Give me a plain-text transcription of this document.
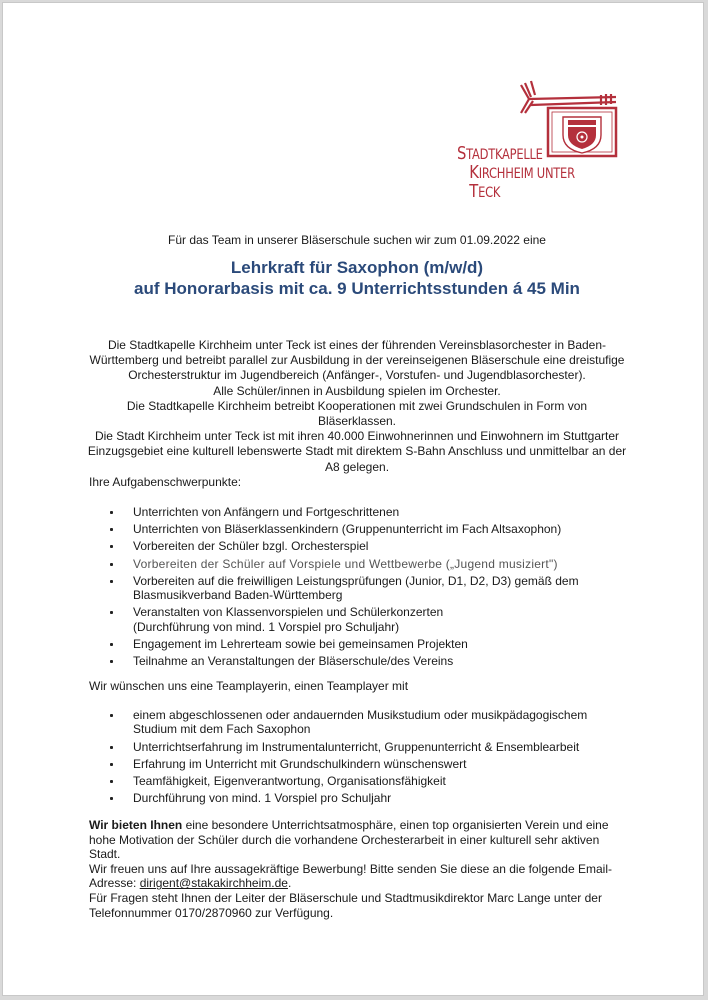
STADTKAPELLE
KIRCHHEIM UNTER TECK
Für das Team in unserer Bläserschule suchen wir zum 01.09.2022 eine
Lehrkraft für Saxophon (m/w/d)
auf Honorarbasis mit ca. 9 Unterrichtsstunden á 45 Min
Die Stadtkapelle Kirchheim unter Teck ist eines der führenden Vereinsblasorchester in Baden-Württemberg und betreibt parallel zur Ausbildung in der vereinseigenen Bläserschule eine dreistufige Orchesterstruktur im Jugendbereich (Anfänger-, Vorstufen- und Jugendblasorchester).
Alle Schüler/innen in Ausbildung spielen im Orchester.
Die Stadtkapelle Kirchheim betreibt Kooperationen mit zwei Grundschulen in Form von Bläserklassen.
Die Stadt Kirchheim unter Teck ist mit ihren 40.000 Einwohnerinnen und Einwohnern im Stuttgarter Einzugsgebiet eine kulturell lebenswerte Stadt mit direktem S-Bahn Anschluss und unmittelbar an der A8 gelegen.
Ihre Aufgabenschwerpunkte:
Unterrichten von Anfängern und Fortgeschrittenen
Unterrichten von Bläserklassenkindern (Gruppenunterricht im Fach Altsaxophon)
Vorbereiten der Schüler bzgl. Orchesterspiel
Vorbereiten der Schüler auf Vorspiele und Wettbewerbe („Jugend musiziert")
Vorbereiten auf die freiwilligen Leistungsprüfungen (Junior, D1, D2, D3) gemäß dem Blasmusikverband Baden-Württemberg
Veranstalten von Klassenvorspielen und Schülerkonzerten
(Durchführung von mind. 1 Vorspiel pro Schuljahr)
Engagement im Lehrerteam sowie bei gemeinsamen Projekten
Teilnahme an Veranstaltungen der Bläserschule/des Vereins
Wir wünschen uns eine Teamplayerin, einen Teamplayer mit
einem abgeschlossenen oder andauernden Musikstudium oder musikpädagogischem Studium mit dem Fach Saxophon
Unterrichtserfahrung im Instrumentalunterricht, Gruppenunterricht & Ensemblearbeit
Erfahrung im Unterricht mit Grundschulkindern wünschenswert
Teamfähigkeit, Eigenverantwortung, Organisationsfähigkeit
Durchführung von mind. 1 Vorspiel pro Schuljahr
Wir bieten Ihnen eine besondere Unterrichtsatmosphäre, einen top organisierten Verein und eine hohe Motivation der Schüler durch die vorhandene Orchesterarbeit in einer kulturell sehr aktiven Stadt.
Wir freuen uns auf Ihre aussagekräftige Bewerbung! Bitte senden Sie diese an die folgende Email-Adresse: dirigent@stakakirchheim.de.
Für Fragen steht Ihnen der Leiter der Bläserschule und Stadtmusikdirektor Marc Lange unter der Telefonnummer 0170/2870960 zur Verfügung.
